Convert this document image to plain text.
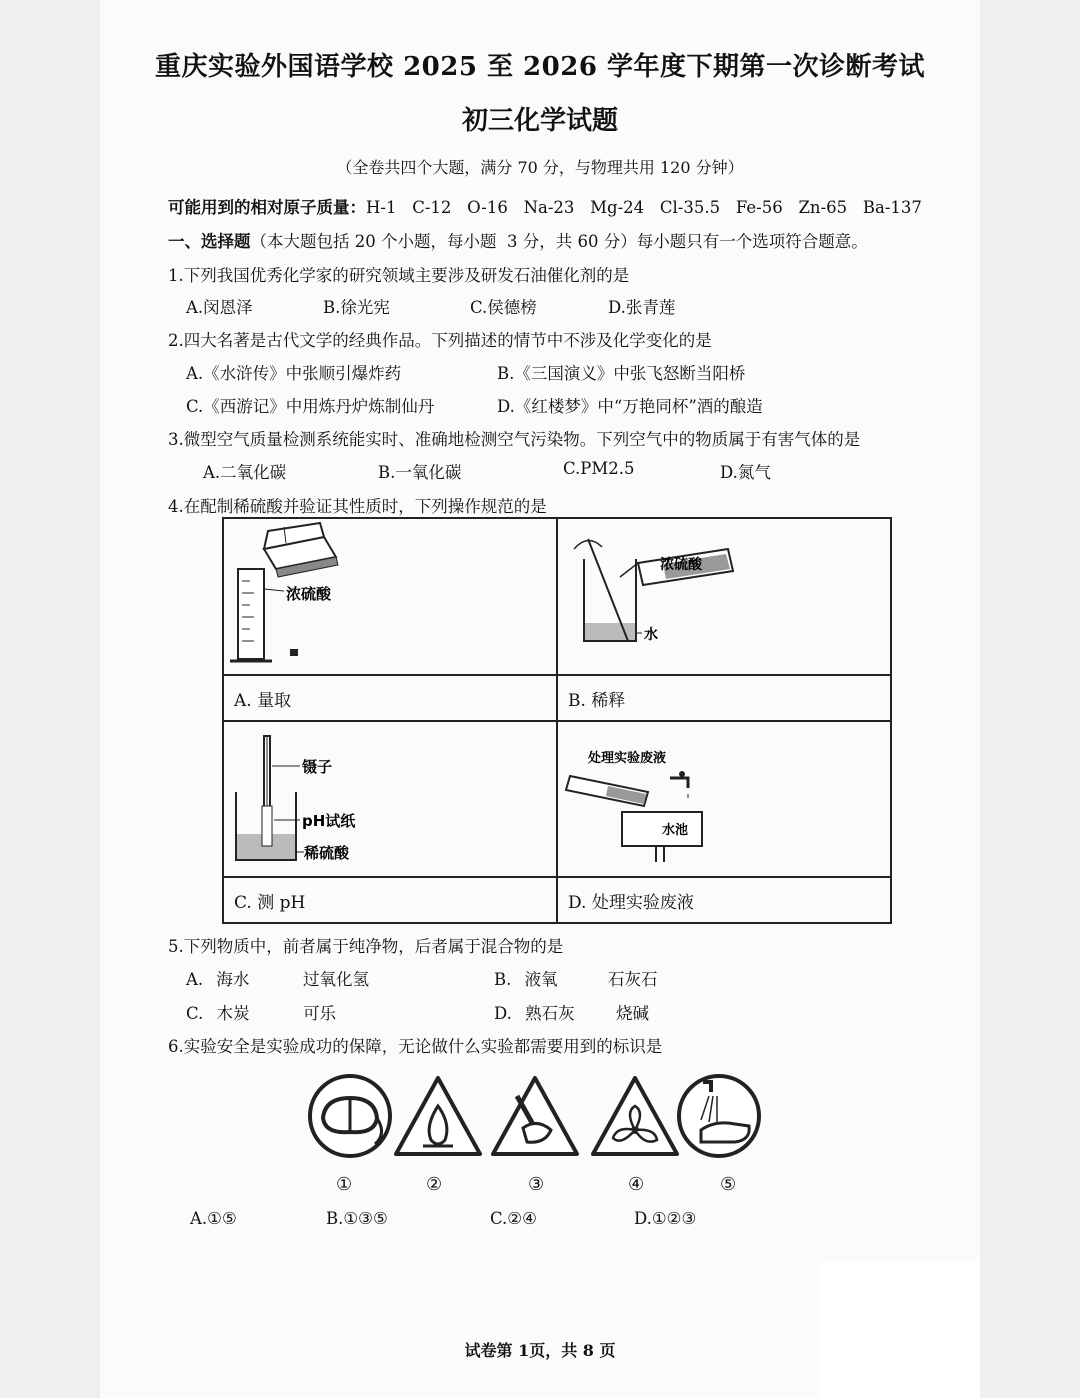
重庆实验外国语学校 2025 至 2026 学年度下期第一次诊断考试
初三化学试题
（全卷共四个大题，满分 70 分，与物理共用 120 分钟）
可能用到的相对原子质量：H-1   C-12   O-16   Na-23   Mg-24   Cl-35.5   Fe-56   Zn-65   Ba-137
一、选择题（本大题包括 20 个小题，每小题  3 分，共 60 分）每小题只有一个选项符合题意。
1.下列我国优秀化学家的研究领域主要涉及研发石油催化剂的是
A.闵恩泽	B.徐光宪	C.侯德榜	D.张青莲
2.四大名著是古代文学的经典作品。下列描述的情节中不涉及化学变化的是
A.《水浒传》中张顺引爆炸药	B.《三国演义》中张飞怒断当阳桥
C.《西游记》中用炼丹炉炼制仙丹	D.《红楼梦》中“万艳同杯”酒的酿造
3.微型空气质量检测系统能实时、准确地检测空气污染物。下列空气中的物质属于有害气体的是
A.二氧化碳	B.一氧化碳	C.PM2.5	D.氮气
4.在配制稀硫酸并验证其性质时，下列操作规范的是
浓硫酸	浓硫酸
水

A. 量取	B. 稀释

镊子
pH试纸
稀硫酸	处理实验废液
水池

C. 测 pH	D. 处理实验废液
5.下列物质中，前者属于纯净物，后者属于混合物的是
A. 海水	过氧化氢	B. 液氧	石灰石
C. 木炭	可乐	D. 熟石灰	烧碱
6.实验安全是实验成功的保障，无论做什么实验都需要用到的标识是
①	②	③	④	⑤
A.①⑤	B.①③⑤	C.②④	D.①②③
试卷第 1页，共 8 页
